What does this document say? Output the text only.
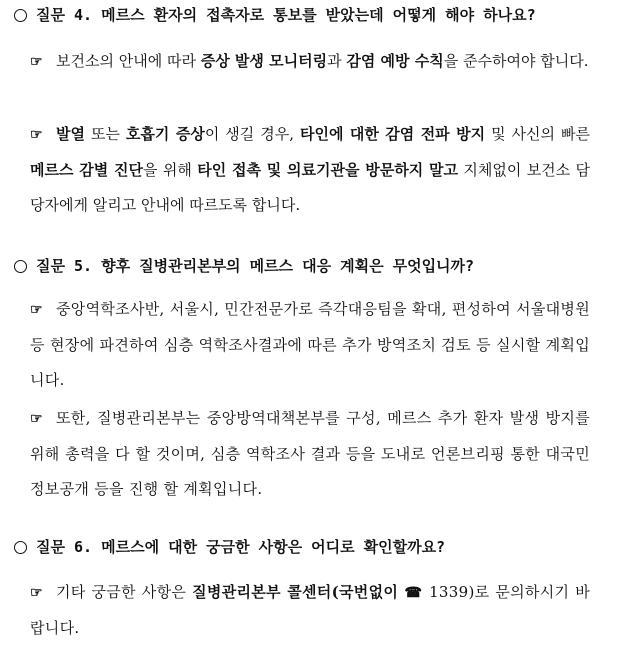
질문 4. 메르스 환자의 접촉자로 통보를 받았는데 어떻게 해야 하나요?
☞ 보건소의 안내에 따라 증상 발생 모니터링과 감염 예방 수칙을 준수하여야 합니다.
☞ 발열 또는 호흡기 증상이 생길 경우, 타인에 대한 감염 전파 방지 및 사신의 빠른 메르스 감별 진단을 위해 타인 접촉 및 의료기관을 방문하지 말고 지체없이 보건소 담당자에게 알리고 안내에 따르도록 합니다.
질문 5. 향후 질병관리본부의 메르스 대응 계획은 무엇입니까?
☞ 중앙역학조사반, 서울시, 민간전문가로 즉각대응팀을 확대, 편성하여 서울대병원 등 현장에 파견하여 심층 역학조사결과에 따른 추가 방역조치 검토 등 실시할 계획입니다.
☞ 또한, 질병관리본부는 중앙방역대책본부를 구성, 메르스 추가 환자 발생 방지를 위해 총력을 다 할 것이며, 심층 역학조사 결과 등을 도내로 언론브리핑 통한 대국민 정보공개 등을 진행 할 계획입니다.
질문 6. 메르스에 대한 궁금한 사항은 어디로 확인할까요?
☞ 기타 궁금한 사항은 질병관리본부 콜센터(국번없이 ☎ 1339)로 문의하시기 바랍니다.
